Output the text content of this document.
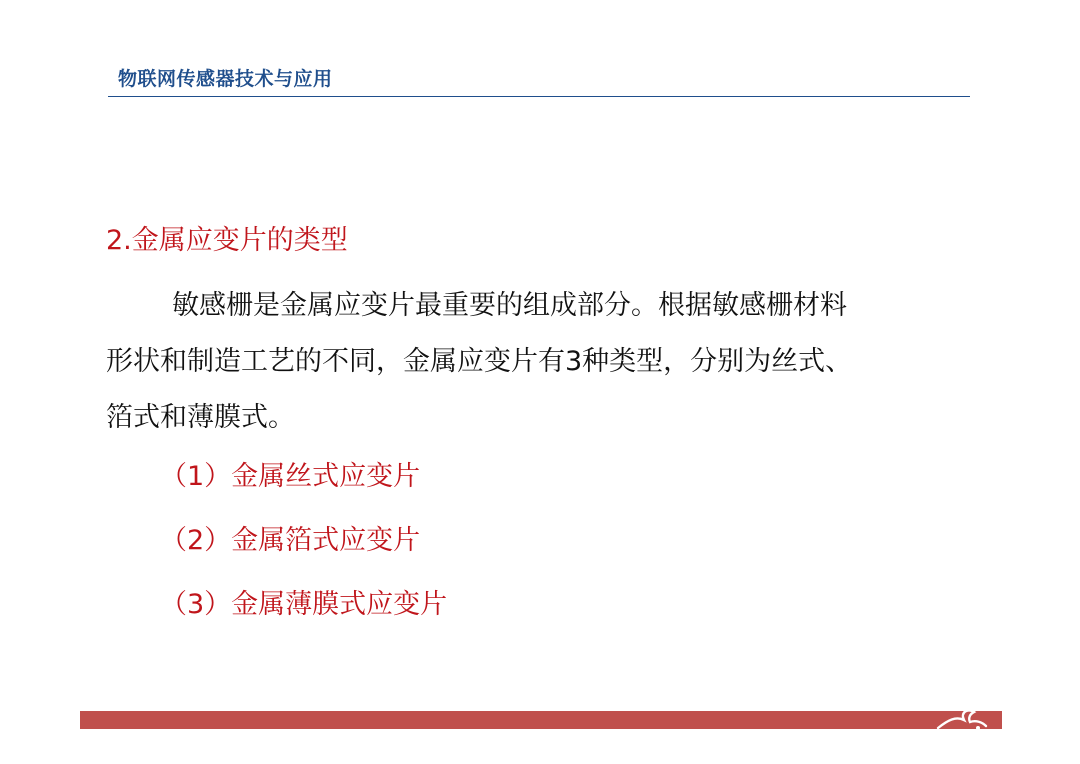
物联网传感器技术与应用
2.金属应变片的类型
敏感栅是金属应变片最重要的组成部分。根据敏感栅材料
形状和制造工艺的不同，金属应变片有3种类型，分别为丝式、
箔式和薄膜式。
（1）金属丝式应变片
（2）金属箔式应变片
（3）金属薄膜式应变片
